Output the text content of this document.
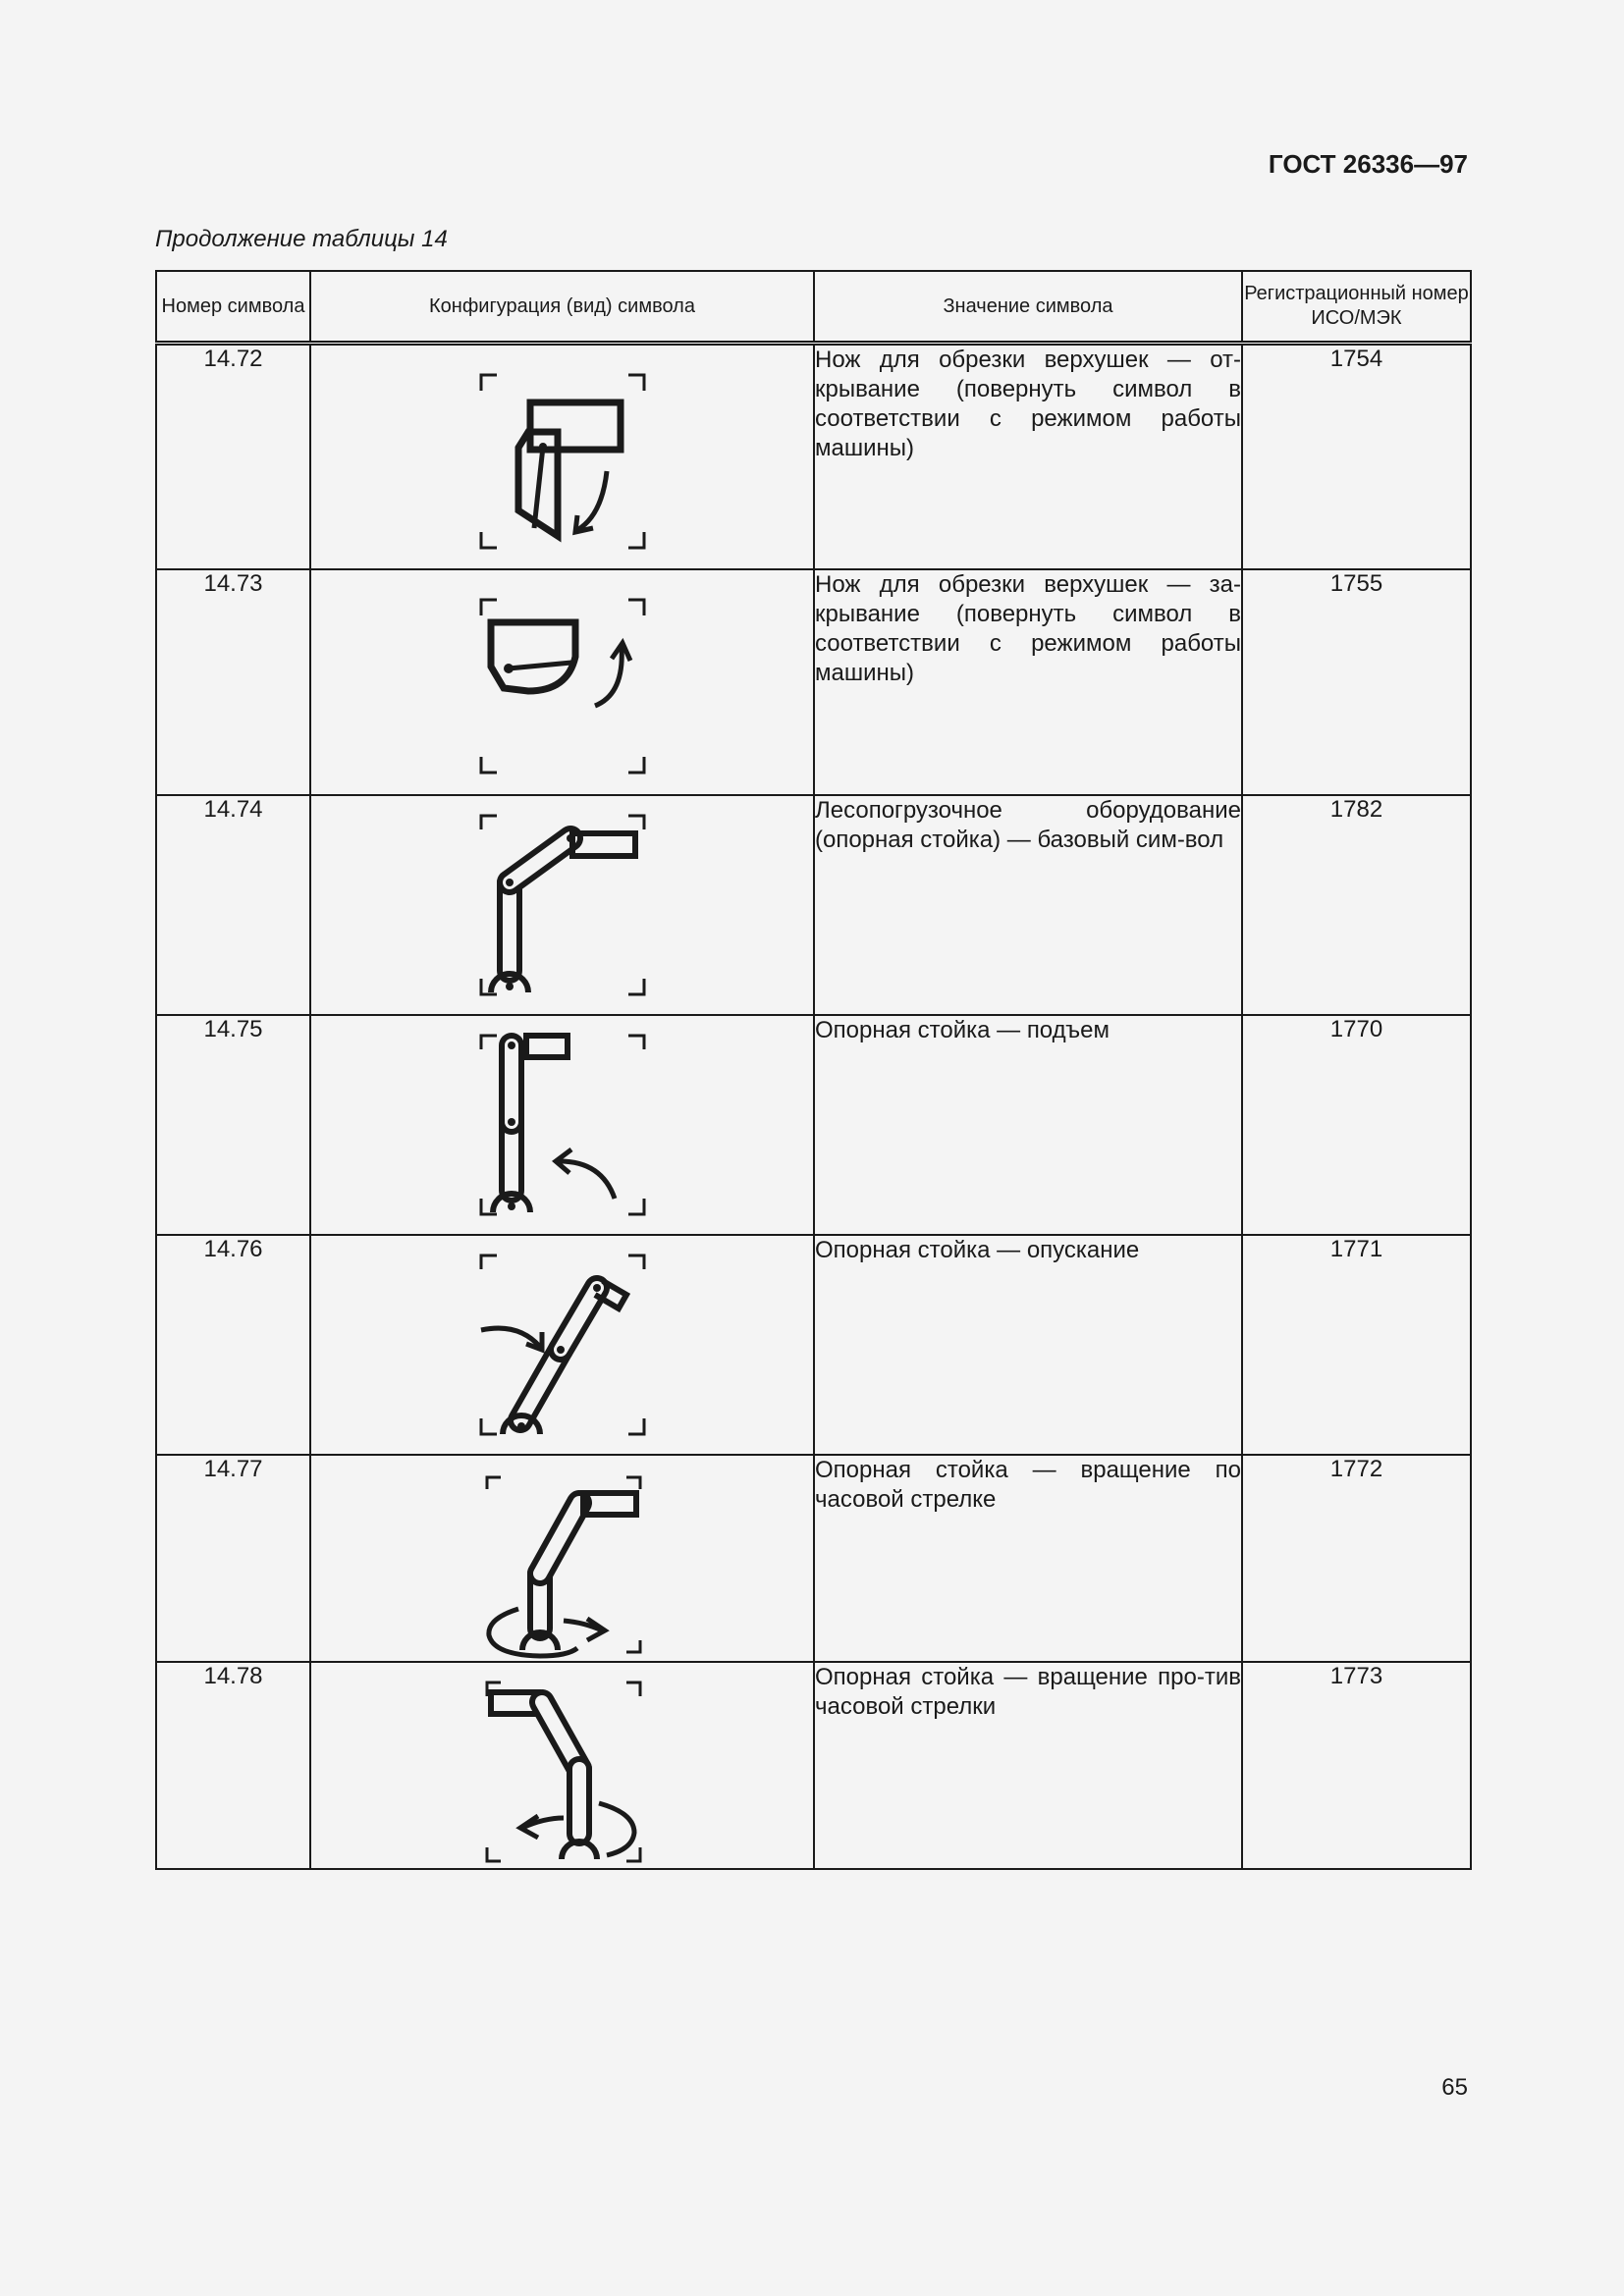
ГОСТ 26336—97
Продолжение таблицы 14
Номер символа	Конфигурация (вид) символа	Значение символа	Регистрационный номер ИСО/МЭК
14.72		Нож для обрезки верхушек — от-крывание (повернуть символ в соответствии с режимом работы машины)	1754
14.73		Нож для обрезки верхушек — за-крывание (повернуть символ в соответствии с режимом работы машины)	1755
14.74		Лесопогрузочное оборудование (опорная стойка) — базовый сим-вол	1782
14.75		Опорная стойка — подъем	1770
14.76		Опорная стойка — опускание	1771
14.77		Опорная стойка — вращение по часовой стрелке	1772
14.78		Опорная стойка — вращение про-тив часовой стрелки	1773
65
